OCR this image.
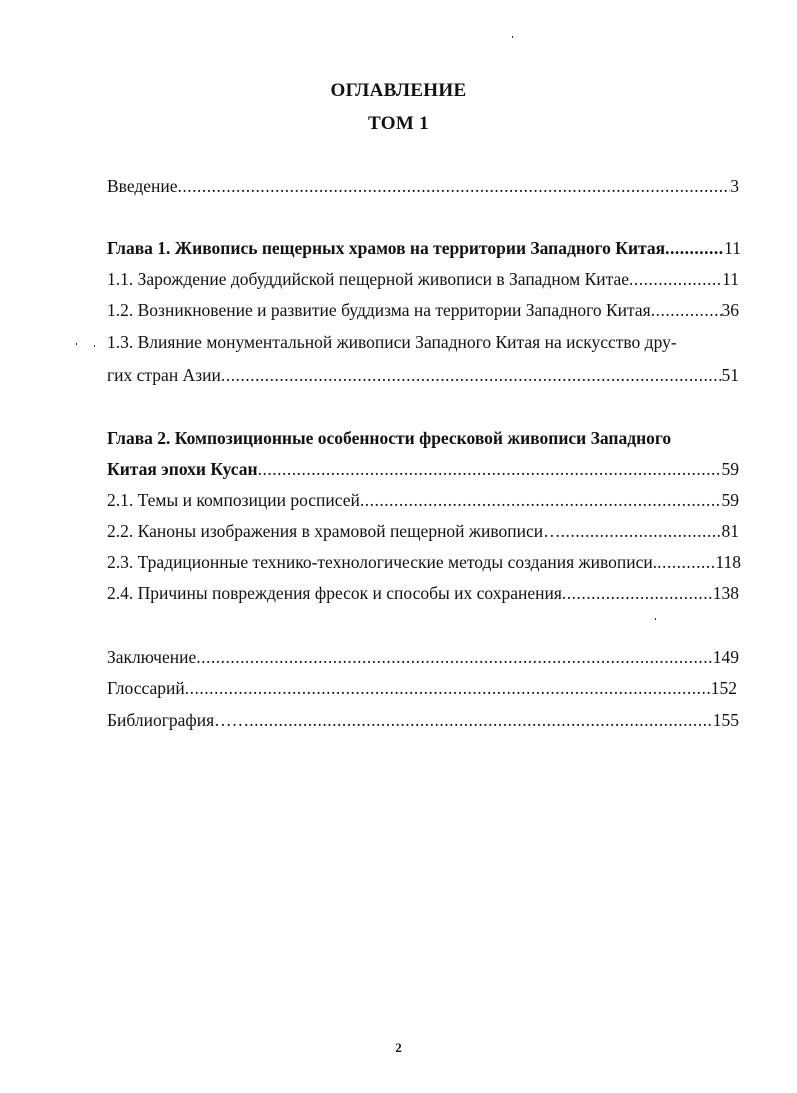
ОГЛАВЛЕНИЕ
ТОМ 1
Введение .....	3
Глава 1. Живопись пещерных храмов на территории Западного Китая .....	11
1.1. Зарождение добуддийской пещерной живописи в Западном Китае .....	11
1.2. Возникновение и развитие буддизма на территории Западного Китая .....	36
1.3. Влияние монументальной живописи Западного Китая на искусство дру-
гих стран Азии .....	51
Глава 2. Композиционные особенности фресковой живописи Западного
Китая эпохи Кусан .....	59
2.1. Темы и композиции росписей .....	59
2.2. Каноны изображения в храмовой пещерной живописи… .....	81
2.3. Традиционные технико-технологические методы создания живописи. .....	118
2.4. Причины повреждения фресок и способы их сохранения .....	138
Заключение .....	149
Глоссарий .....	152
Библиография…… .....	155
2
